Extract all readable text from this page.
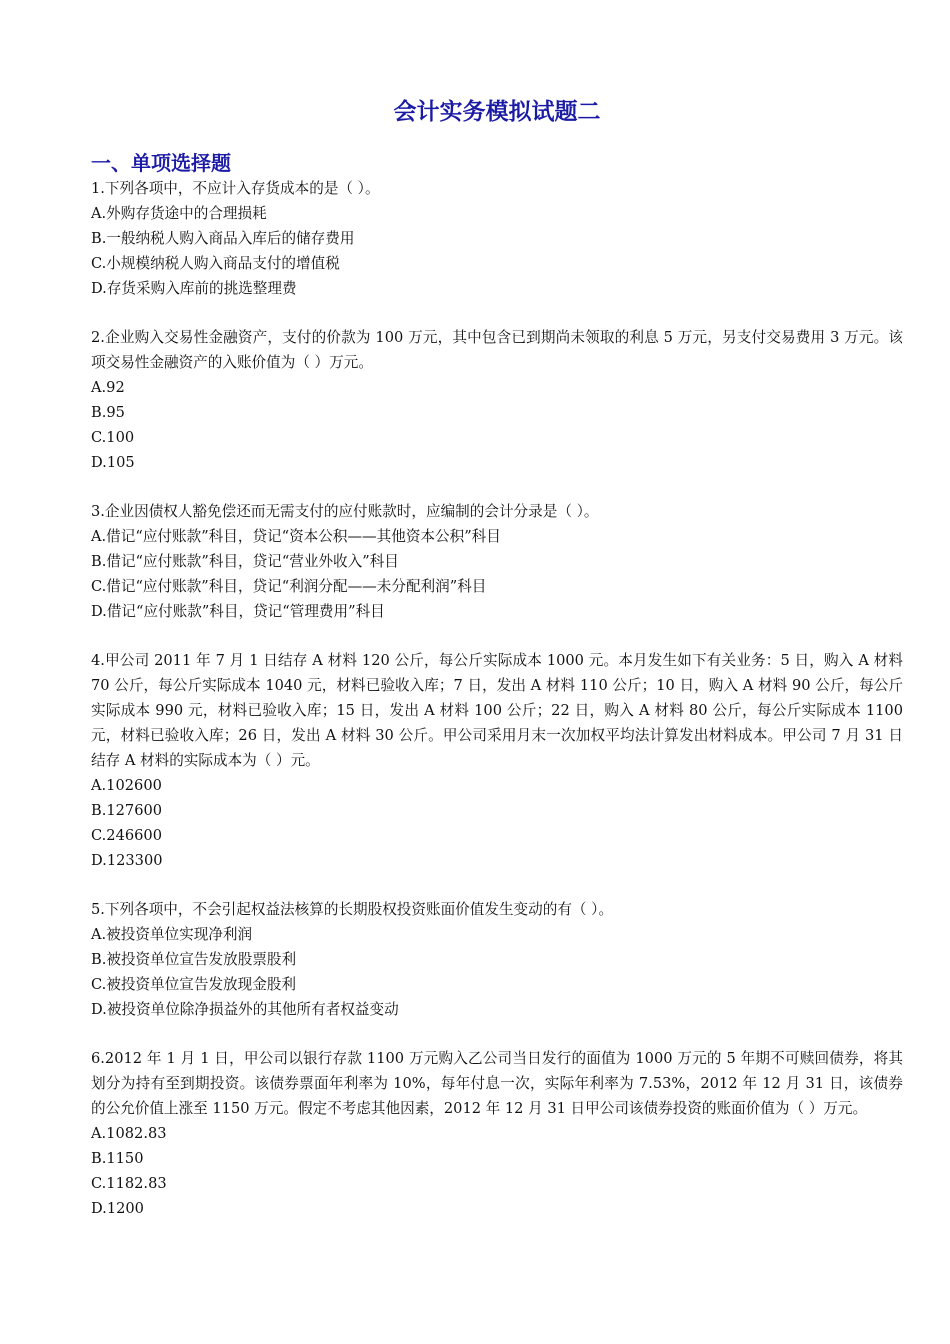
会计实务模拟试题二
一、单项选择题

1.下列各项中，不应计入存货成本的是（ ）。

A.外购存货途中的合理损耗

B.一般纳税人购入商品入库后的储存费用

C.小规模纳税人购入商品支付的增值税

D.存货采购入库前的挑选整理费

2.企业购入交易性金融资产，支付的价款为 100 万元，其中包含已到期尚未领取的利息 5 万元，另支付交易费用 3 万元。该项交易性金融资产的入账价值为（ ）万元。

A.92

B.95

C.100

D.105

3.企业因债权人豁免偿还而无需支付的应付账款时，应编制的会计分录是（ ）。

A.借记“应付账款”科目，贷记“资本公积——其他资本公积”科目

B.借记“应付账款”科目，贷记“营业外收入”科目

C.借记“应付账款”科目，贷记“利润分配——未分配利润”科目

D.借记“应付账款”科目，贷记“管理费用”科目

4.甲公司 2011 年 7 月 1 日结存 A 材料 120 公斤，每公斤实际成本 1000 元。本月发生如下有关业务：5 日，购入 A 材料 70 公斤，每公斤实际成本 1040 元，材料已验收入库；7 日，发出 A 材料 110 公斤；10 日，购入 A 材料 90 公斤，每公斤实际成本 990 元，材料已验收入库；15 日，发出 A 材料 100 公斤；22 日，购入 A 材料 80 公斤，每公斤实际成本 1100 元，材料已验收入库；26 日，发出 A 材料 30 公斤。甲公司采用月末一次加权平均法计算发出材料成本。甲公司 7 月 31 日结存 A 材料的实际成本为（ ）元。

A.102600

B.127600

C.246600

D.123300

5.下列各项中，不会引起权益法核算的长期股权投资账面价值发生变动的有（ ）。

A.被投资单位实现净利润

B.被投资单位宣告发放股票股利

C.被投资单位宣告发放现金股利

D.被投资单位除净损益外的其他所有者权益变动

6.2012 年 1 月 1 日，甲公司以银行存款 1100 万元购入乙公司当日发行的面值为 1000 万元的 5 年期不可赎回债券，将其划分为持有至到期投资。该债券票面年利率为 10%，每年付息一次，实际年利率为 7.53%，2012 年 12 月 31 日，该债券的公允价值上涨至 1150 万元。假定不考虑其他因素，2012 年 12 月 31 日甲公司该债券投资的账面价值为（ ）万元。

A.1082.83

B.1150

C.1182.83

D.1200
